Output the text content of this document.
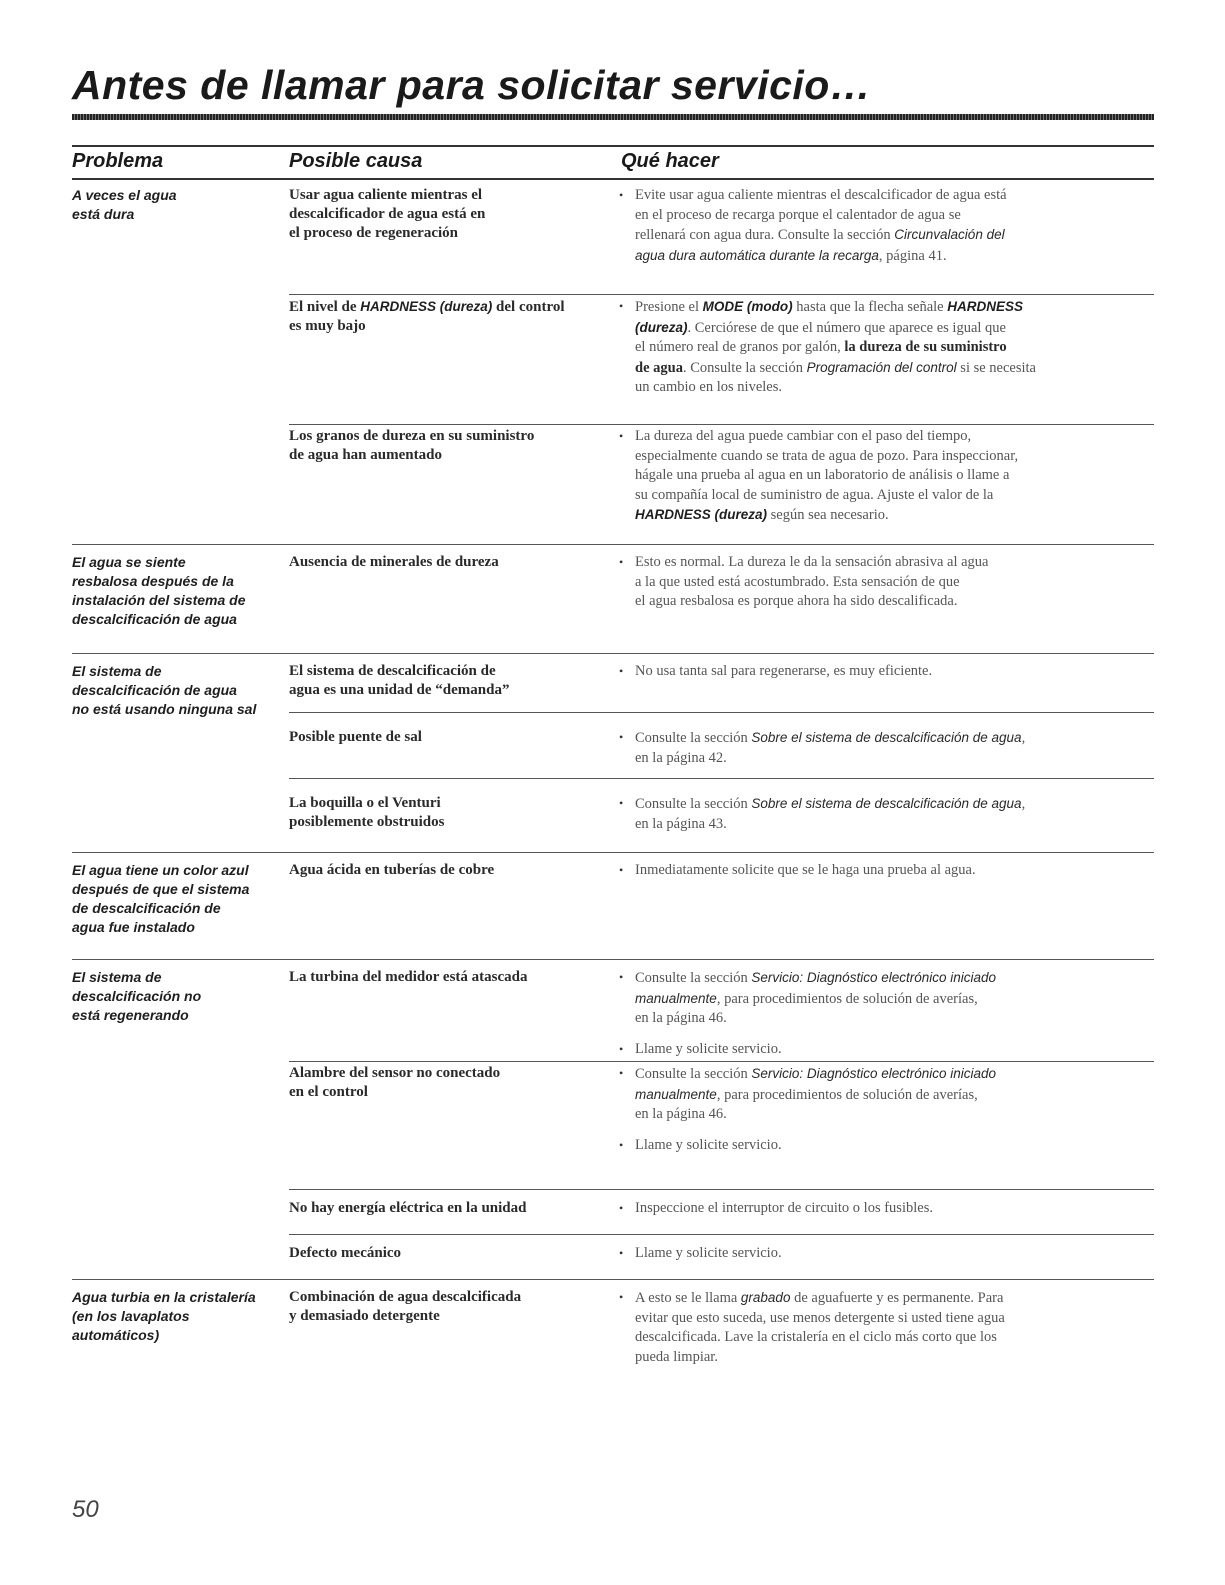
Antes de llamar para solicitar servicio…
Problema	Posible causa	Qué hacer

A veces el agua
está dura

El agua se siente
resbalosa después de la
instalación del sistema de
descalcificación de agua

El sistema de
descalcificación de agua
no está usando ninguna sal

El agua tiene un color azul
después de que el sistema
de descalcificación de
agua fue instalado

El sistema de
descalcificación no
está regenerando

Agua turbia en la cristalería
(en los lavaplatos
automáticos)

Usar agua caliente mientras el
descalcificador de agua está en
el proceso de regeneración

El nivel de HARDNESS (dureza) del control
es muy bajo

Los granos de dureza en su suministro
de agua han aumentado

Ausencia de minerales de dureza

El sistema de descalcificación de
agua es una unidad de “demanda”

Posible puente de sal

La boquilla o el Venturi
posiblemente obstruidos

Agua ácida en tuberías de cobre

La turbina del medidor está atascada

Alambre del sensor no conectado
en el control

No hay energía eléctrica en la unidad

Defecto mecánico

Combinación de agua descalcificada
y demasiado detergente

• Evite usar agua caliente mientras el descalcificador de agua está
en el proceso de recarga porque el calentador de agua se
rellenará con agua dura. Consulte la sección Circunvalación del
agua dura automática durante la recarga, página 41.

• Presione el MODE (modo) hasta que la flecha señale HARDNESS
(dureza). Cerciórese de que el número que aparece es igual que
el número real de granos por galón, la dureza de su suministro
de agua. Consulte la sección Programación del control si se necesita
un cambio en los niveles.

• La dureza del agua puede cambiar con el paso del tiempo,
especialmente cuando se trata de agua de pozo. Para inspeccionar,
hágale una prueba al agua en un laboratorio de análisis o llame a
su compañía local de suministro de agua. Ajuste el valor de la
HARDNESS (dureza) según sea necesario.

• Esto es normal. La dureza le da la sensación abrasiva al agua
a la que usted está acostumbrado. Esta sensación de que
el agua resbalosa es porque ahora ha sido descalificada.

• No usa tanta sal para regenerarse, es muy eficiente.

• Consulte la sección Sobre el sistema de descalcificación de agua,
en la página 42.

• Consulte la sección Sobre el sistema de descalcificación de agua,
en la página 43.

• Inmediatamente solicite que se le haga una prueba al agua.

• Consulte la sección Servicio: Diagnóstico electrónico iniciado
manualmente, para procedimientos de solución de averías,
en la página 46.

• Llame y solicite servicio.

• Consulte la sección Servicio: Diagnóstico electrónico iniciado
manualmente, para procedimientos de solución de averías,
en la página 46.

• Llame y solicite servicio.

• Inspeccione el interruptor de circuito o los fusibles.

• Llame y solicite servicio.

• A esto se le llama grabado de aguafuerte y es permanente. Para
evitar que esto suceda, use menos detergente si usted tiene agua
descalcificada. Lave la cristalería en el ciclo más corto que los
pueda limpiar.

50
